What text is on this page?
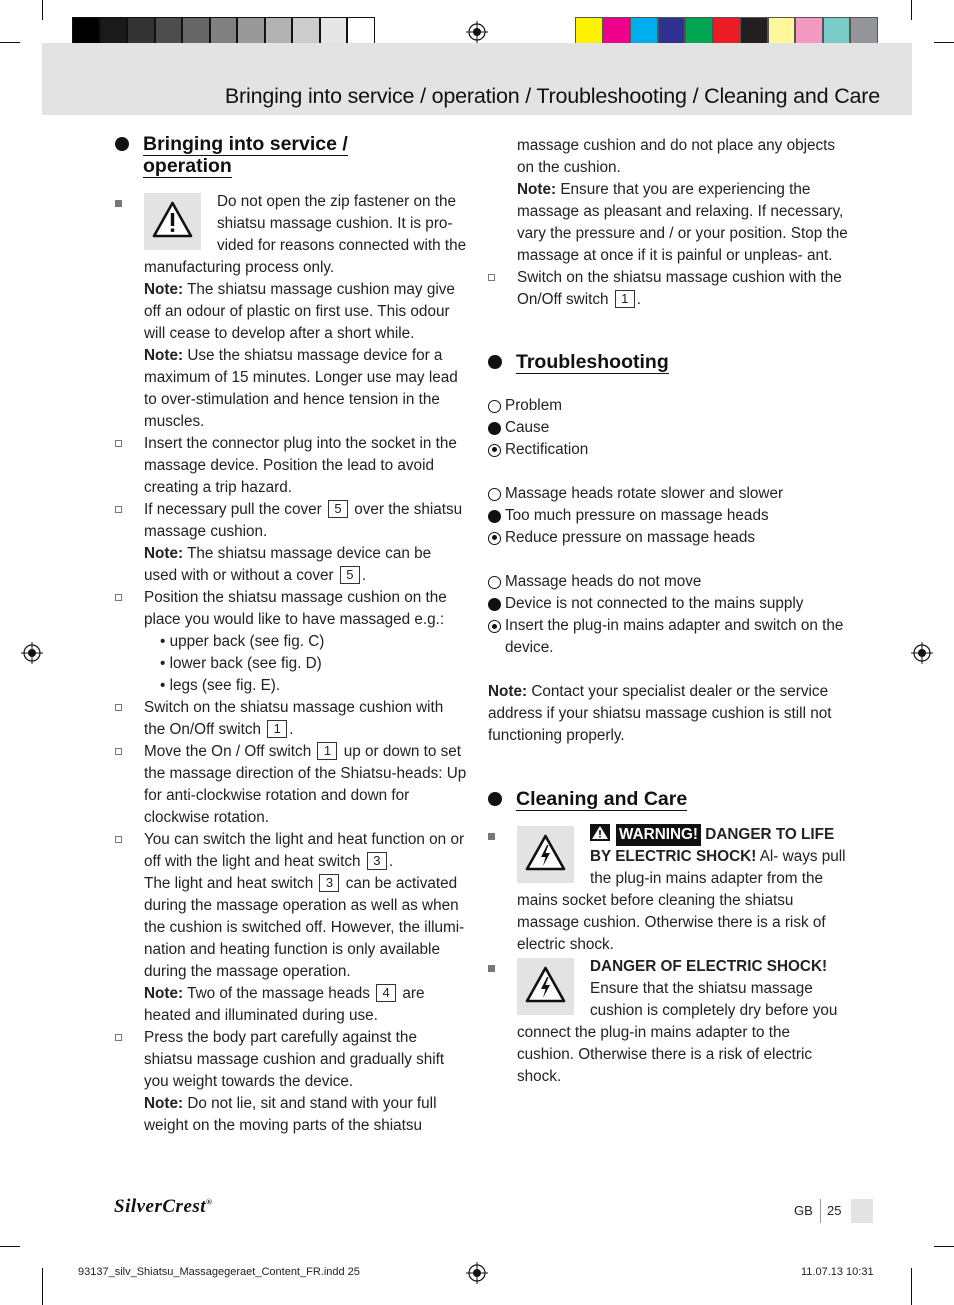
Bringing into service / operation / Troubleshooting / Cleaning and Care
Bringing into service / operation
Do not open the zip fastener on the shiatsu massage cushion. It is pro- vided for reasons connected with the manufacturing process only.
Note: The shiatsu massage cushion may give off an odour of plastic on first use. This odour will cease to develop after a short while.
Note: Use the shiatsu massage device for a maximum of 15 minutes. Longer use may lead to over-stimulation and hence tension in the muscles.
Insert the connector plug into the socket in the massage device. Position the lead to avoid creating a trip hazard.
If necessary pull the cover 5 over the shiatsu massage cushion.
Note: The shiatsu massage device can be used with or without a cover 5 .
Position the shiatsu massage cushion on the place you would like to have massaged e.g.:
• upper back (see fig. C)
• lower back (see fig. D)
• legs (see fig. E).
Switch on the shiatsu massage cushion with the On/Off switch 1 .
Move the On / Off switch 1 up or down to set the massage direction of the Shiatsu-heads: Up for anti-clockwise rotation and down for clockwise rotation.
You can switch the light and heat function on or off with the light and heat switch 3 .
The light and heat switch 3 can be activated during the massage operation as well as when the cushion is switched off. However, the illumi- nation and heating function is only available during the massage operation.
Note: Two of the massage heads 4 are heated and illuminated during use.
Press the body part carefully against the shiatsu massage cushion and gradually shift you weight towards the device.
Note: Do not lie, sit and stand with your full weight on the moving parts of the shiatsu
massage cushion and do not place any objects on the cushion.
Note: Ensure that you are experiencing the massage as pleasant and relaxing. If necessary, vary the pressure and / or your position. Stop the massage at once if it is painful or unpleas- ant.
Switch on the shiatsu massage cushion with the On/Off switch 1 .
Troubleshooting
Problem
Cause
Rectification
Massage heads rotate slower and slower
Too much pressure on massage heads
Reduce pressure on massage heads
Massage heads do not move
Device is not connected to the mains supply
Insert the plug-in mains adapter and switch on the device.
Note: Contact your specialist dealer or the service address if your shiatsu massage cushion is still not functioning properly.
Cleaning and Care
WARNING! DANGER TO LIFE BY ELECTRIC SHOCK! Al- ways pull the plug-in mains adapter from the mains socket before cleaning the shiatsu massage cushion. Otherwise there is a risk of electric shock.
DANGER OF ELECTRIC SHOCK! Ensure that the shiatsu massage cushion is completely dry before you connect the plug-in mains adapter to the cushion. Otherwise there is a risk of electric shock.
SilverCrest®
GB 25
93137_silv_Shiatsu_Massagegeraet_Content_FR.indd 25	11.07.13 10:31
